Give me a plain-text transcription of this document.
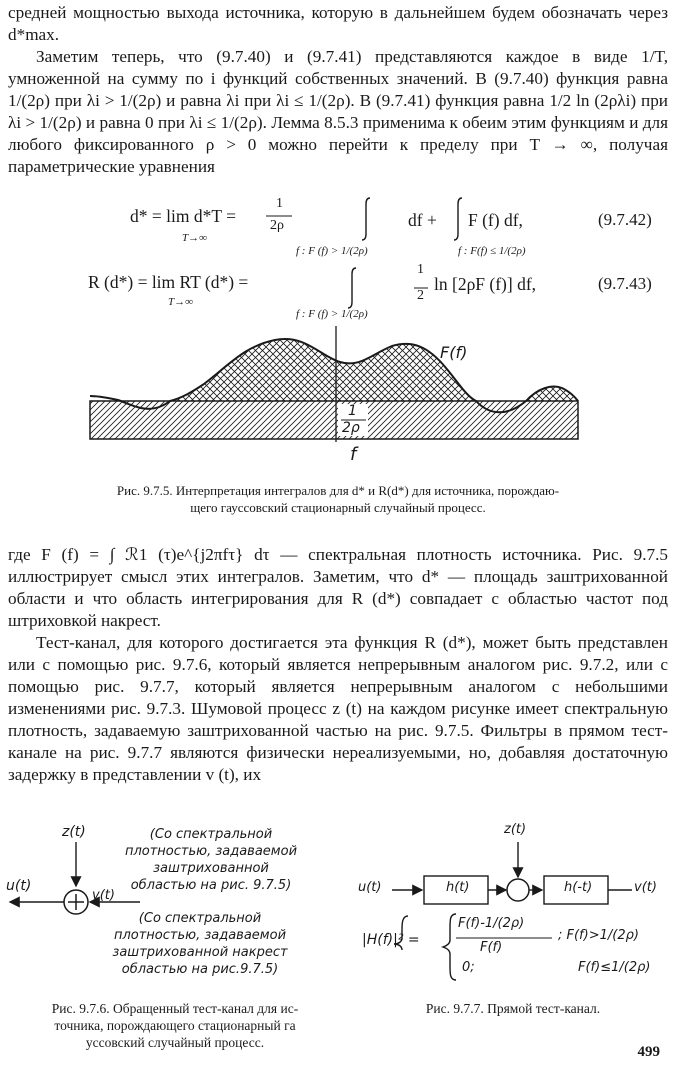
средней мощностью выхода источника, которую в дальнейшем будем обозначать через d*max.
Заметим теперь, что (9.7.40) и (9.7.41) представляются каждое в виде 1/T, умноженной на сумму по i функций собственных значений. В (9.7.40) функция равна 1/(2ρ) при λi > 1/(2ρ) и равна λi при λi ≤ 1/(2ρ). В (9.7.41) функция равна 1/2 ln (2ρλi) при λi > 1/(2ρ) и равна 0 при λi ≤ 1/(2ρ). Лемма 8.5.3 применима к обеим этим функциям и для любого фиксированного ρ > 0 можно перейти к пределу при T → ∞, получая параметрические уравнения
d* = lim d*T =
T→∞
1
2ρ	df +
f : F (f) > 1/(2ρ)
F (f) df,
f : F(f) ≤ 1/(2ρ)
(9.7.42)
R (d*) = lim RT (d*) =
T→∞
1
2
ln [2ρF (f)] df,
f : F (f) > 1/(2ρ)
(9.7.43)
F(f)
1
2ρ
f
Рис. 9.7.5. Интерпретация интегралов для d* и R(d*) для источника, порождаю-
щего гауссовский стационарный случайный процесс.
где F (f) = ∫ ℛ1 (τ)e^{j2πfτ} dτ — спектральная плотность источника. Рис. 9.7.5 иллюстрирует смысл этих интегралов. Заметим, что d* — площадь заштрихованной области и что область интегрирования для R (d*) совпадает с областью частот под штриховкой накрест.
Тест-канал, для которого достигается эта функция R (d*), может быть представлен или с помощью рис. 9.7.6, который является непрерывным аналогом рис. 9.7.2, или с помощью рис. 9.7.7, который является непрерывным аналогом с небольшими изменениями рис. 9.7.3. Шумовой процесс z (t) на каждом рисунке имеет спектральную плотность, задаваемую заштрихованной частью на рис. 9.7.5. Фильтры в прямом тест-канале на рис. 9.7.7 являются физически нереализуемыми, но, добавляя достаточную задержку в представлении v (t), их
z(t)
u(t)
v(t)
(Со спектральной
плотностью, задаваемой
заштрихованной
областью на рис. 9.7.5)
(Со спектральной
плотностью, задаваемой
заштрихованной накрест
областью на рис.9.7.5)
Рис. 9.7.6. Обращенный тест-канал для ис-
точника, порождающего стационарный га
уссовский случайный процесс.
z(t)
u(t)	h(t)	h(-t)	v(t)
|H(f)|² =
F(f)-1/(2ρ)
F(f)
; F(f)>1/(2ρ)
0;	F(f)≤1/(2ρ)
Рис. 9.7.7. Прямой тест-канал.
499
